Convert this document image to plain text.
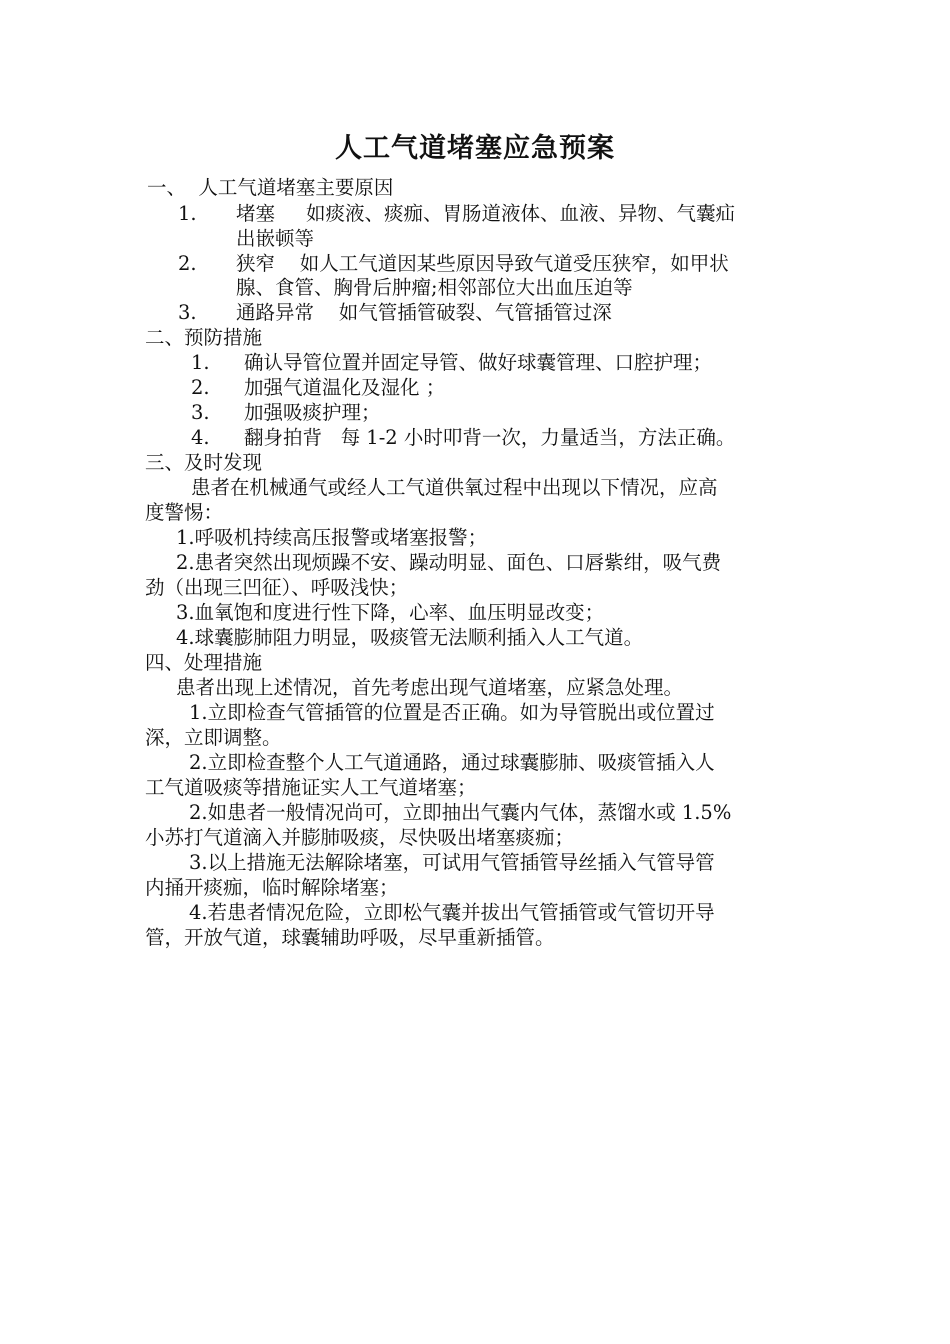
人工气道堵塞应急预案
一、  人工气道堵塞主要原因
1. 堵塞     如痰液、痰痂、胃肠道液体、血液、异物、气囊疝
出嵌顿等
2. 狭窄    如人工气道因某些原因导致气道受压狭窄，如甲状
腺、食管、胸骨后肿瘤;相邻部位大出血压迫等
3. 通路异常    如气管插管破裂、气管插管过深
二、预防措施
1. 确认导管位置并固定导管、做好球囊管理、口腔护理；
2. 加强气道温化及湿化 ；
3. 加强吸痰护理；
4. 翻身拍背   每 1-2 小时叩背一次，力量适当，方法正确。
三、及时发现
患者在机械通气或经人工气道供氧过程中出现以下情况，应高
度警惕：
1.呼吸机持续高压报警或堵塞报警；
2.患者突然出现烦躁不安、躁动明显、面色、口唇紫绀，吸气费
劲（出现三凹征）、呼吸浅快；
3.血氧饱和度进行性下降，心率、血压明显改变；
4.球囊膨肺阻力明显，吸痰管无法顺利插入人工气道。
四、处理措施
患者出现上述情况，首先考虑出现气道堵塞，应紧急处理。
1.立即检查气管插管的位置是否正确。如为导管脱出或位置过
深，立即调整。
2.立即检查整个人工气道通路，通过球囊膨肺、吸痰管插入人
工气道吸痰等措施证实人工气道堵塞；
2.如患者一般情况尚可，立即抽出气囊内气体，蒸馏水或 1.5%
小苏打气道滴入并膨肺吸痰，尽快吸出堵塞痰痂；
3.以上措施无法解除堵塞，可试用气管插管导丝插入气管导管
内捅开痰痂，临时解除堵塞；
4.若患者情况危险，立即松气囊并拔出气管插管或气管切开导
管，开放气道，球囊辅助呼吸，尽早重新插管。
